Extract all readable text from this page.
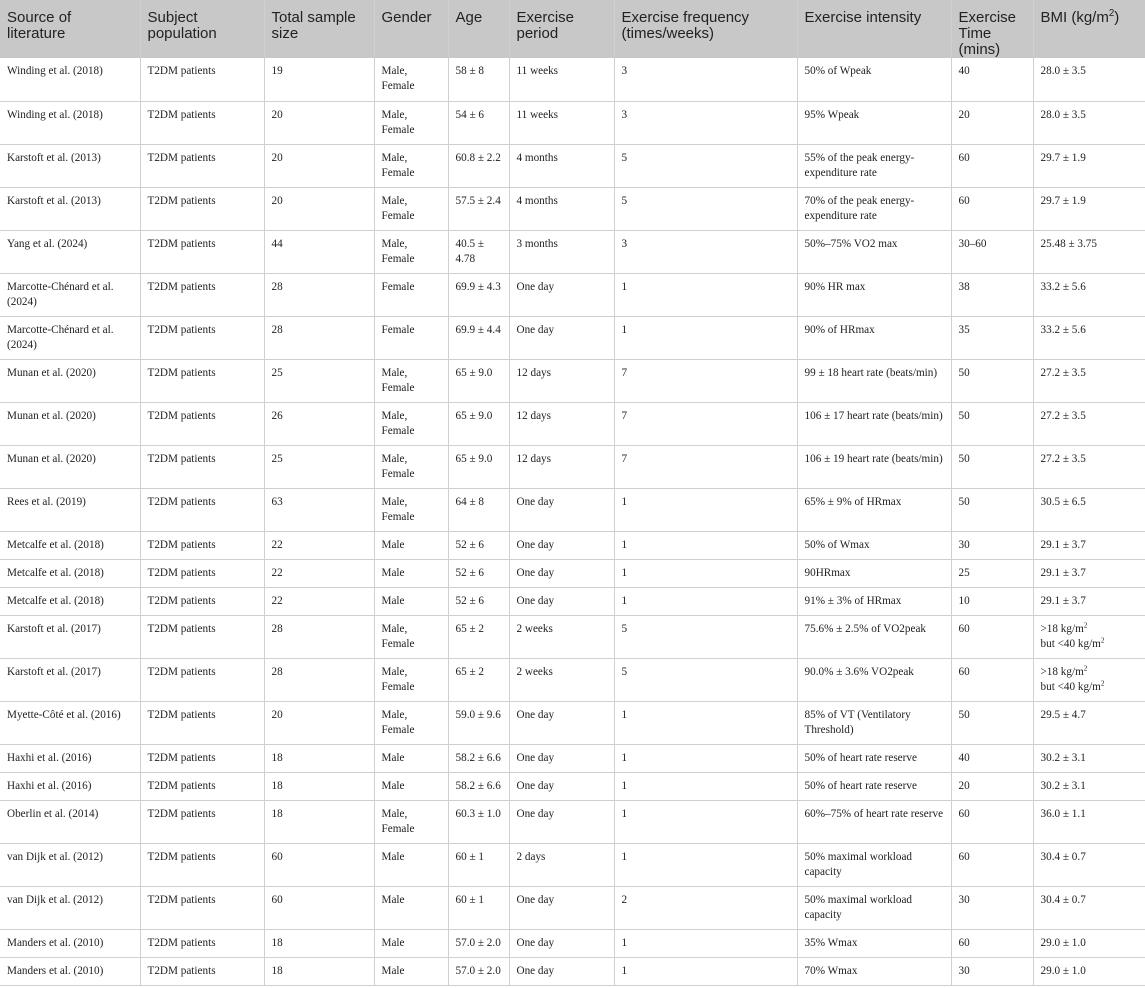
Source of literature	Subject population	Total sample size	Gender	Age	Exercise period	Exercise frequency (times/weeks)	Exercise intensity	Exercise Time (mins)	BMI $(kg/m^2)$
Winding et al. (2018)	T2DM patients	19	Male, Female	58 ± 8	11 weeks	3	50% of Wpeak	40	28.0 ± 3.5
Winding et al. (2018)	T2DM patients	20	Male, Female	54 ± 6	11 weeks	3	95% Wpeak	20	28.0 ± 3.5
Karstoft et al. (2013)	T2DM patients	20	Male, Female	60.8 ± 2.2	4 months	5	55% of the peak energy-expenditure rate	60	29.7 ± 1.9
Karstoft et al. (2013)	T2DM patients	20	Male, Female	57.5 ± 2.4	4 months	5	70% of the peak energy-expenditure rate	60	29.7 ± 1.9
Yang et al. (2024)	T2DM patients	44	Male, Female	40.5 ± 4.78	3 months	3	50%–75% VO2 max	30–60	25.48 ± 3.75
Marcotte-Chénard et al. (2024)	T2DM patients	28	Female	69.9 ± 4.3	One day	1	90% HR max	38	33.2 ± 5.6
Marcotte-Chénard et al. (2024)	T2DM patients	28	Female	69.9 ± 4.4	One day	1	90% of HRmax	35	33.2 ± 5.6
Munan et al. (2020)	T2DM patients	25	Male, Female	65 ± 9.0	12 days	7	99 ± 18 heart rate (beats/min)	50	27.2 ± 3.5
Munan et al. (2020)	T2DM patients	26	Male, Female	65 ± 9.0	12 days	7	106 ± 17 heart rate (beats/min)	50	27.2 ± 3.5
Munan et al. (2020)	T2DM patients	25	Male, Female	65 ± 9.0	12 days	7	106 ± 19 heart rate (beats/min)	50	27.2 ± 3.5
Rees et al. (2019)	T2DM patients	63	Male, Female	64 ± 8	One day	1	65% ± 9% of HRmax	50	30.5 ± 6.5
Metcalfe et al. (2018)	T2DM patients	22	Male	52 ± 6	One day	1	50% of Wmax	30	29.1 ± 3.7
Metcalfe et al. (2018)	T2DM patients	22	Male	52 ± 6	One day	1	90HRmax	25	29.1 ± 3.7
Metcalfe et al. (2018)	T2DM patients	22	Male	52 ± 6	One day	1	91% ± 3% of HRmax	10	29.1 ± 3.7
Karstoft et al. (2017)	T2DM patients	28	Male, Female	65 ± 2	2 weeks	5	75.6% ± 2.5% of VO2peak	60	>18 $kg/m^2$
but <40 $kg/m^2$

Karstoft et al. (2017)	T2DM patients	28	Male, Female	65 ± 2	2 weeks	5	90.0% ± 3.6% VO2peak	60	>18 $kg/m^2$
but <40 $kg/m^2$

Myette-Côté et al. (2016)	T2DM patients	20	Male, Female	59.0 ± 9.6	One day	1	85% of VT (Ventilatory Threshold)	50	29.5 ± 4.7
Haxhi et al. (2016)	T2DM patients	18	Male	58.2 ± 6.6	One day	1	50% of heart rate reserve	40	30.2 ± 3.1
Haxhi et al. (2016)	T2DM patients	18	Male	58.2 ± 6.6	One day	1	50% of heart rate reserve	20	30.2 ± 3.1
Oberlin et al. (2014)	T2DM patients	18	Male, Female	60.3 ± 1.0	One day	1	60%–75% of heart rate reserve	60	36.0 ± 1.1
van Dijk et al. (2012)	T2DM patients	60	Male	60 ± 1	2 days	1	50% maximal workload capacity	60	30.4 ± 0.7
van Dijk et al. (2012)	T2DM patients	60	Male	60 ± 1	One day	2	50% maximal workload capacity	30	30.4 ± 0.7
Manders et al. (2010)	T2DM patients	18	Male	57.0 ± 2.0	One day	1	35% Wmax	60	29.0 ± 1.0
Manders et al. (2010)	T2DM patients	18	Male	57.0 ± 2.0	One day	1	70% Wmax	30	29.0 ± 1.0
